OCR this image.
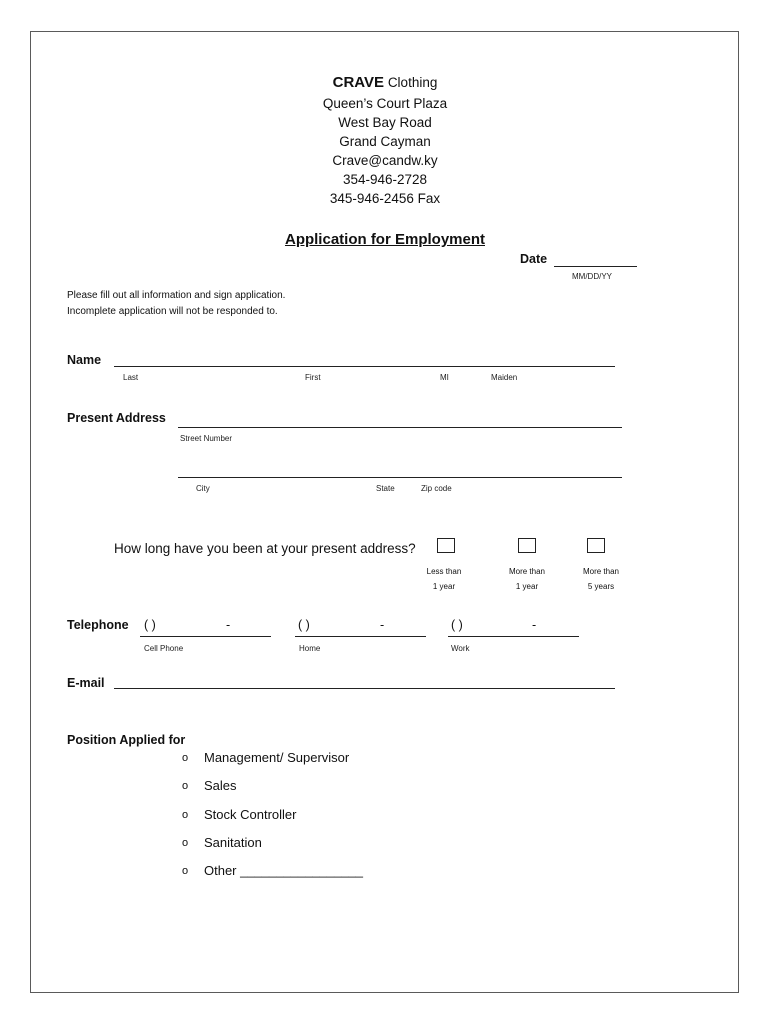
CRAVE Clothing
Queen’s Court Plaza
West Bay Road
Grand Cayman
Crave@candw.ky
354-946-2728
345-946-2456 Fax
Application for Employment
Date
MM/DD/YY
Please fill out all information and sign application.
Incomplete application will not be responded to.
Name
Last	First	MI	Maiden
Present Address
Street Number
City	State	Zip code
How long have you been at your present address?
Less than
1 year
More than
1 year
More than
5 years
Telephone ( )	-
Cell Phone
( )	-
Home
( )	-
Work
E-mail
Position Applied for
o Management/ Supervisor
o Sales
o Stock Controller
o Sanitation
o Other _________________
